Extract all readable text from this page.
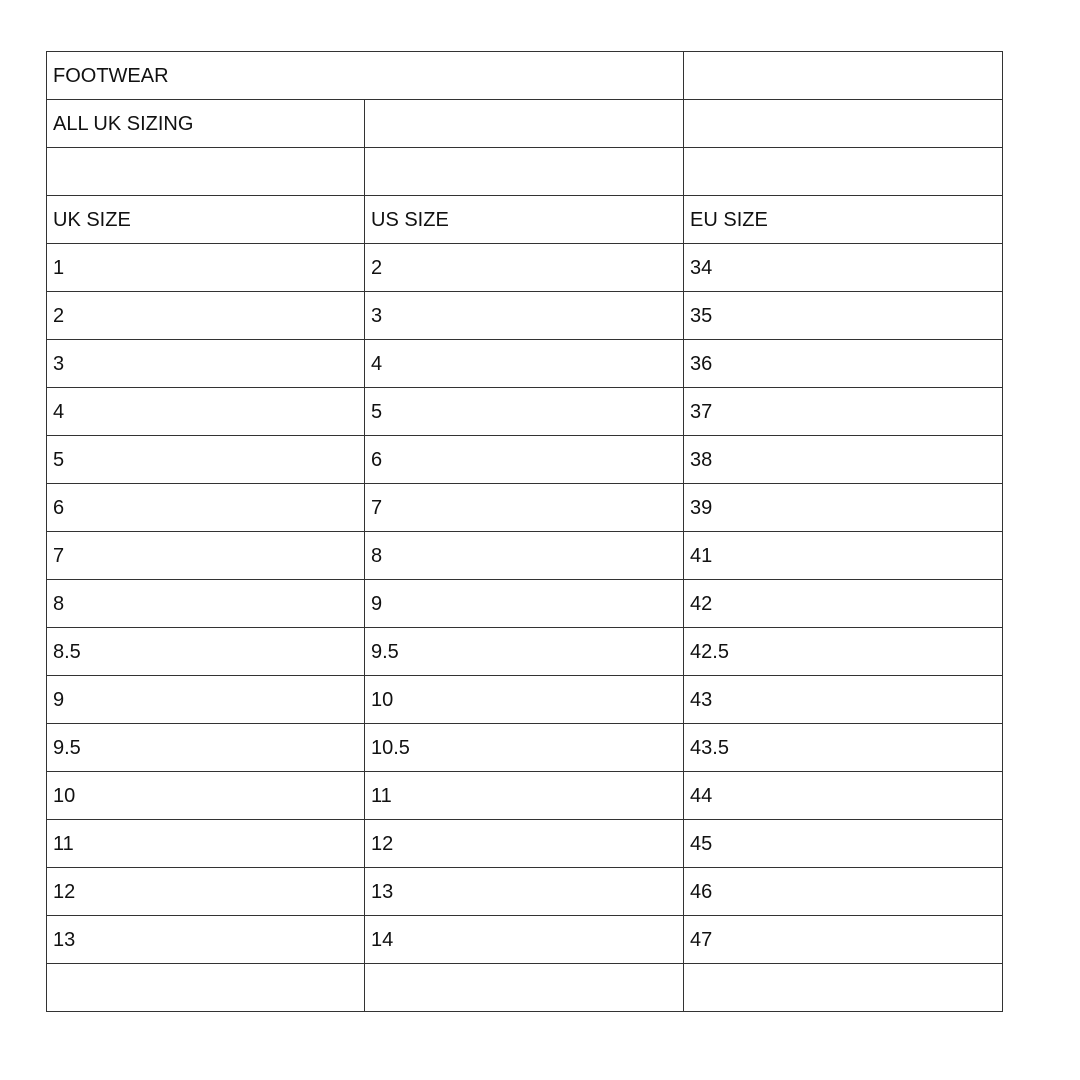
FOOTWEAR		
ALL UK SIZING		

UK SIZE	US SIZE	EU SIZE
1	2	34
2	3	35
3	4	36
4	5	37
5	6	38
6	7	39
7	8	41
8	9	42
8.5	9.5	42.5
9	10	43
9.5	10.5	43.5
10	11	44
11	12	45
12	13	46
13	14	47
